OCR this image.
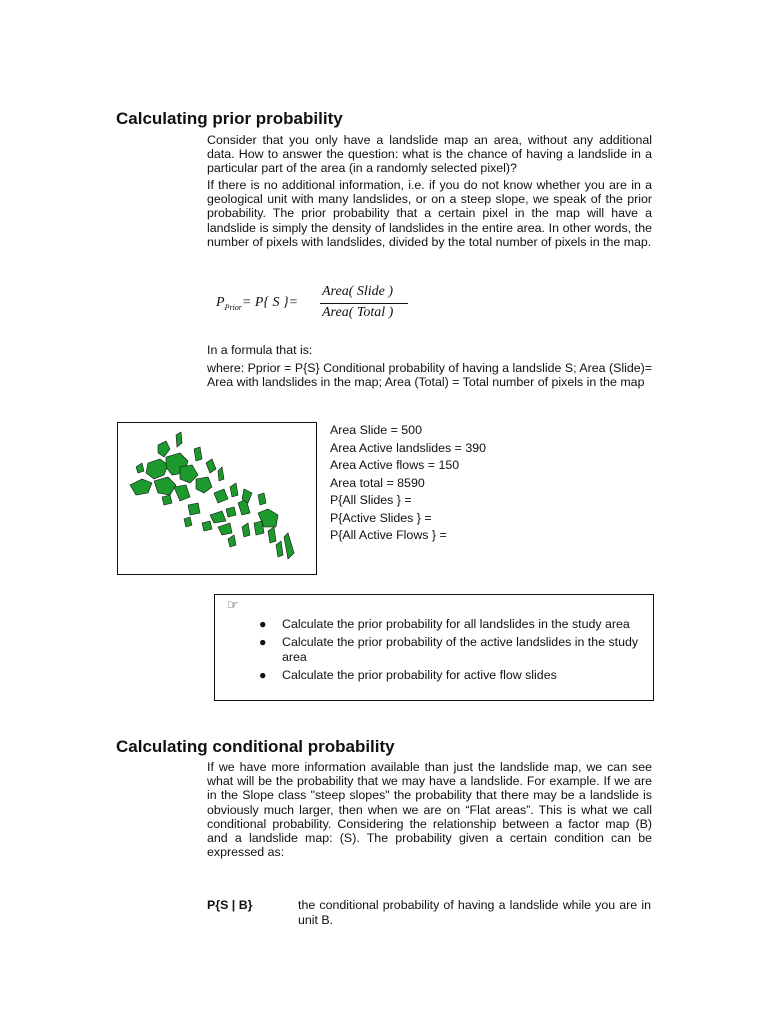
Calculating prior probability

Consider that you only have a landslide map an area, without any additional data. How to answer the question: what is the chance of having a landslide in a particular part of the area (in a randomly selected pixel)?

If there is no additional information, i.e. if you do not know whether you are in a geological unit with many landslides, or on a steep slope, we speak of the prior probability. The prior probability that a certain pixel in the map will have a landslide is simply the density of landslides in the entire area. In other words, the number of pixels with landslides, divided by the total number of pixels in the map.

$P_{Prior}= P${ S }=
Area( Slide )
Area( Total )

In a formula that is:

where: Pprior = P{S} Conditional probability of having a landslide S; Area (Slide)= Area with landslides in the map; Area (Total) = Total number of pixels in the map

Area Slide = 500
Area Active landslides = 390
Area Active flows = 150
Area total = 8590
P{All Slides } =
P{Active Slides } =
P{All Active Flows } =
☞
● Calculate the prior probability for all landslides in the study area
● Calculate the prior probability of the active landslides in the study area
● Calculate the prior probability for active flow slides
Calculating conditional probability

If we have more information available than just the landslide map, we can see what will be the probability that we may have a landslide. For example. If we are in the Slope class "steep slopes" the probability that there may be a landslide is obviously much larger, then when we are on “Flat areas”. This is what we call conditional probability. Considering the relationship between a factor map (B) and a landslide map: (S). The probability given a certain condition can be expressed as:

P{S | B}	the conditional probability of having a landslide while you are in unit B.
